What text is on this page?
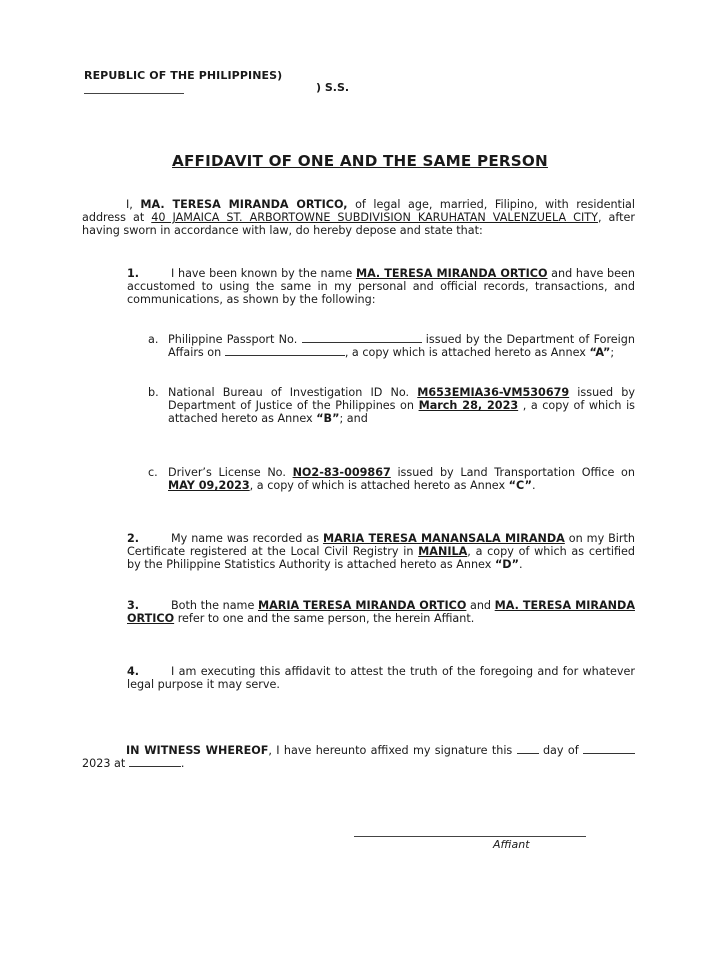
REPUBLIC OF THE PHILIPPINES)
) S.S.
AFFIDAVIT OF ONE AND THE SAME PERSON
I, MA. TERESA MIRANDA ORTICO, of legal age, married, Filipino, with residential address at 40 JAMAICA ST. ARBORTOWNE SUBDIVISION KARUHATAN VALENZUELA CITY, after having sworn in accordance with law, do hereby depose and state that:
1.	I have been known by the name MA. TERESA MIRANDA ORTICO and have been accustomed to using the same in my personal and official records, transactions, and communications, as shown by the following:
a. Philippine Passport No.	issued by the Department of Foreign Affairs on	, a copy which is attached hereto as Annex “A”;
b. National Bureau of Investigation ID No. M653EMIA36-VM530679 issued by Department of Justice of the Philippines on March 28, 2023 , a copy of which is attached hereto as Annex “B”; and
c. Driver’s License No. NO2-83-009867 issued by Land Transportation Office on MAY 09,2023, a copy of which is attached hereto as Annex “C”.
2.	My name was recorded as MARIA TERESA MANANSALA MIRANDA on my Birth Certificate registered at the Local Civil Registry in MANILA, a copy of which as certified by the Philippine Statistics Authority is attached hereto as Annex “D”.
3.	Both the name MARIA TERESA MIRANDA ORTICO and MA. TERESA MIRANDA ORTICO refer to one and the same person, the herein Affiant.
4.	I am executing this affidavit to attest the truth of the foregoing and for whatever legal purpose it may serve.
IN WITNESS WHEREOF, I have hereunto affixed my signature this  day of  2023 at	.
Affiant
